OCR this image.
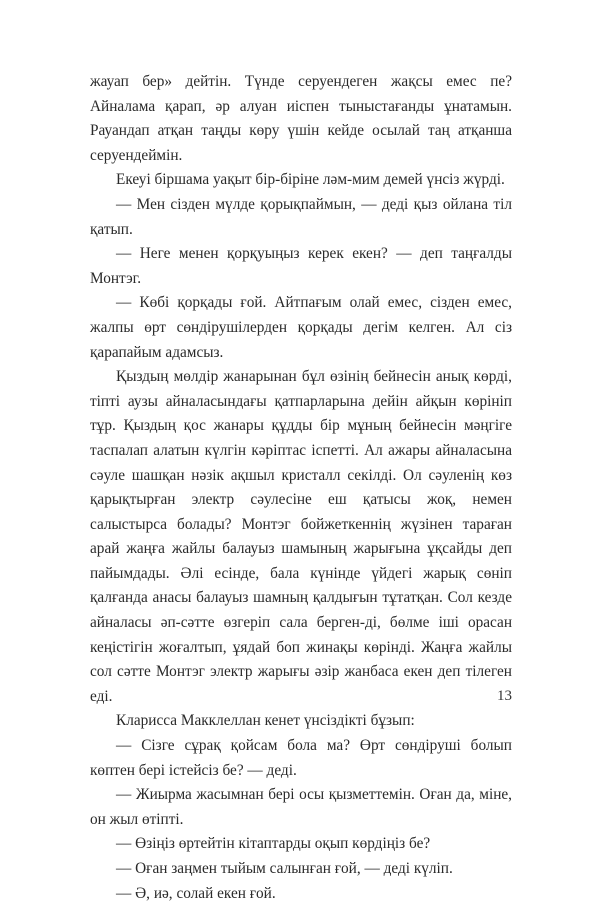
жауап бер» дейтін. Түнде серуендеген жақсы емес пе? Айналама қарап, әр алуан иіспен тыныстағанды ұнатамын. Рауандап атқан таңды көру үшін кейде осылай таң атқанша серуендеймін.

Екеуі біршама уақыт бір-біріне ләм-мим демей үнсіз жүрді.

— Мен сізден мүлде қорықпаймын, — деді қыз ойлана тіл қатып.

— Неге менен қорқуыңыз керек екен? — деп таңғалды Монтэг.

— Көбі қорқады ғой. Айтпағым олай емес, сізден емес, жалпы өрт сөндірушілерден қорқады дегім келген. Ал сіз қарапайым адамсыз.

Қыздың мөлдір жанарынан бұл өзінің бейнесін анық көрді, тіпті аузы айналасындағы қатпарларына дейін айқын көрініп тұр. Қыздың қос жанары құдды бір мұның бейнесін мәңгіге таспалап алатын күлгін кәріптас іспетті. Ал ажары айналасына сәуле шашқан нәзік ақшыл кристалл секілді. Ол сәуленің көз қарықтырған электр сәулесіне еш қатысы жоқ, немен салыстырса болады? Монтэг бойжеткеннің жүзінен тараған арай жаңға жайлы балауыз шамының жарығына ұқсайды деп пайымдады. Әлі есінде, бала күнінде үйдегі жарық сөніп қалғанда анасы балауыз шамның қалдығын тұтатқан. Сол кезде айналасы әп-сәтте өзгеріп сала берген-ді, бөлме іші орасан кеңістігін жоғалтып, ұядай боп жинақы көрінді. Жаңға жайлы сол сәтте Монтэг электр жарығы әзір жанбаса екен деп тілеген еді.

Кларисса Макклеллан кенет үнсіздікті бұзып:

— Сізге сұрақ қойсам бола ма? Өрт сөндіруші болып көптен бері істейсіз бе? — деді.

— Жиырма жасымнан бері осы қызметтемін. Оған да, міне, он жыл өтіпті.

— Өзіңіз өртейтін кітаптарды оқып көрдіңіз бе?

— Оған заңмен тыйым салынған ғой, — деді күліп.

— Ә, иә, солай екен ғой.

13
